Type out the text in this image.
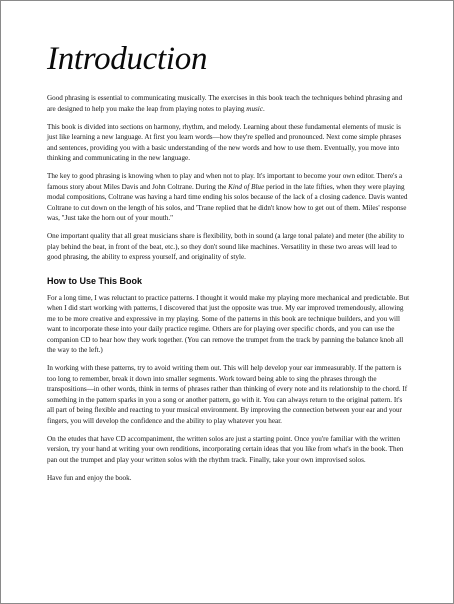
Introduction

Good phrasing is essential to communicating musically. The exercises in this book teach the techniques behind phrasing and are designed to help you make the leap from playing notes to playing music.

This book is divided into sections on harmony, rhythm, and melody. Learning about these fundamental elements of music is just like learning a new language. At first you learn words—how they're spelled and pronounced. Next come simple phrases and sentences, providing you with a basic understanding of the new words and how to use them. Eventually, you move into thinking and communicating in the new language.

The key to good phrasing is knowing when to play and when not to play. It's important to become your own editor. There's a famous story about Miles Davis and John Coltrane. During the Kind of Blue period in the late fifties, when they were playing modal compositions, Coltrane was having a hard time ending his solos because of the lack of a closing cadence. Davis wanted Coltrane to cut down on the length of his solos, and 'Trane replied that he didn't know how to get out of them. Miles' response was, "Just take the horn out of your mouth."

One important quality that all great musicians share is flexibility, both in sound (a large tonal palate) and meter (the ability to play behind the beat, in front of the beat, etc.), so they don't sound like machines. Versatility in these two areas will lead to good phrasing, the ability to express yourself, and originality of style.

How to Use This Book

For a long time, I was reluctant to practice patterns. I thought it would make my playing more mechanical and predictable. But when I did start working with patterns, I discovered that just the opposite was true. My ear improved tremendously, allowing me to be more creative and expressive in my playing. Some of the patterns in this book are technique builders, and you will want to incorporate these into your daily practice regime. Others are for playing over specific chords, and you can use the companion CD to hear how they work together. (You can remove the trumpet from the track by panning the balance knob all the way to the left.)

In working with these patterns, try to avoid writing them out. This will help develop your ear immeasurably. If the pattern is too long to remember, break it down into smaller segments. Work toward being able to sing the phrases through the transpositions—in other words, think in terms of phrases rather than thinking of every note and its relationship to the chord. If something in the pattern sparks in you a song or another pattern, go with it. You can always return to the original pattern. It's all part of being flexible and reacting to your musical environment. By improving the connection between your ear and your fingers, you will develop the confidence and the ability to play whatever you hear.

On the etudes that have CD accompaniment, the written solos are just a starting point. Once you're familiar with the written version, try your hand at writing your own renditions, incorporating certain ideas that you like from what's in the book. Then pan out the trumpet and play your written solos with the rhythm track. Finally, take your own improvised solos.

Have fun and enjoy the book.
